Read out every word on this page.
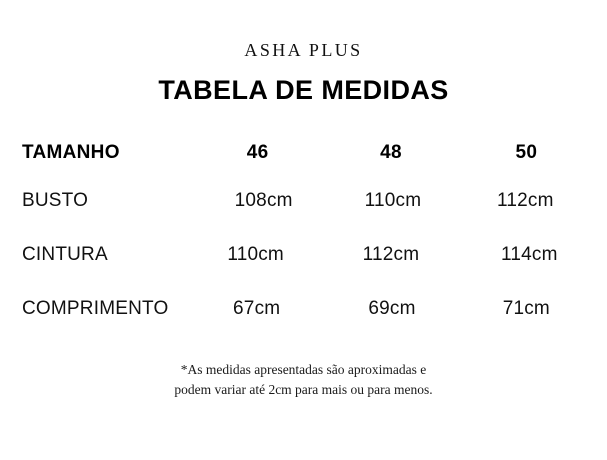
ASHA PLUS
TABELA DE MEDIDAS
TAMANHO	46	48	50
BUSTO	108cm	110cm	112cm
CINTURA	110cm	112cm	114cm
COMPRIMENTO	67cm	69cm	71cm
*As medidas apresentadas são aproximadas e
podem variar até 2cm para mais ou para menos.
